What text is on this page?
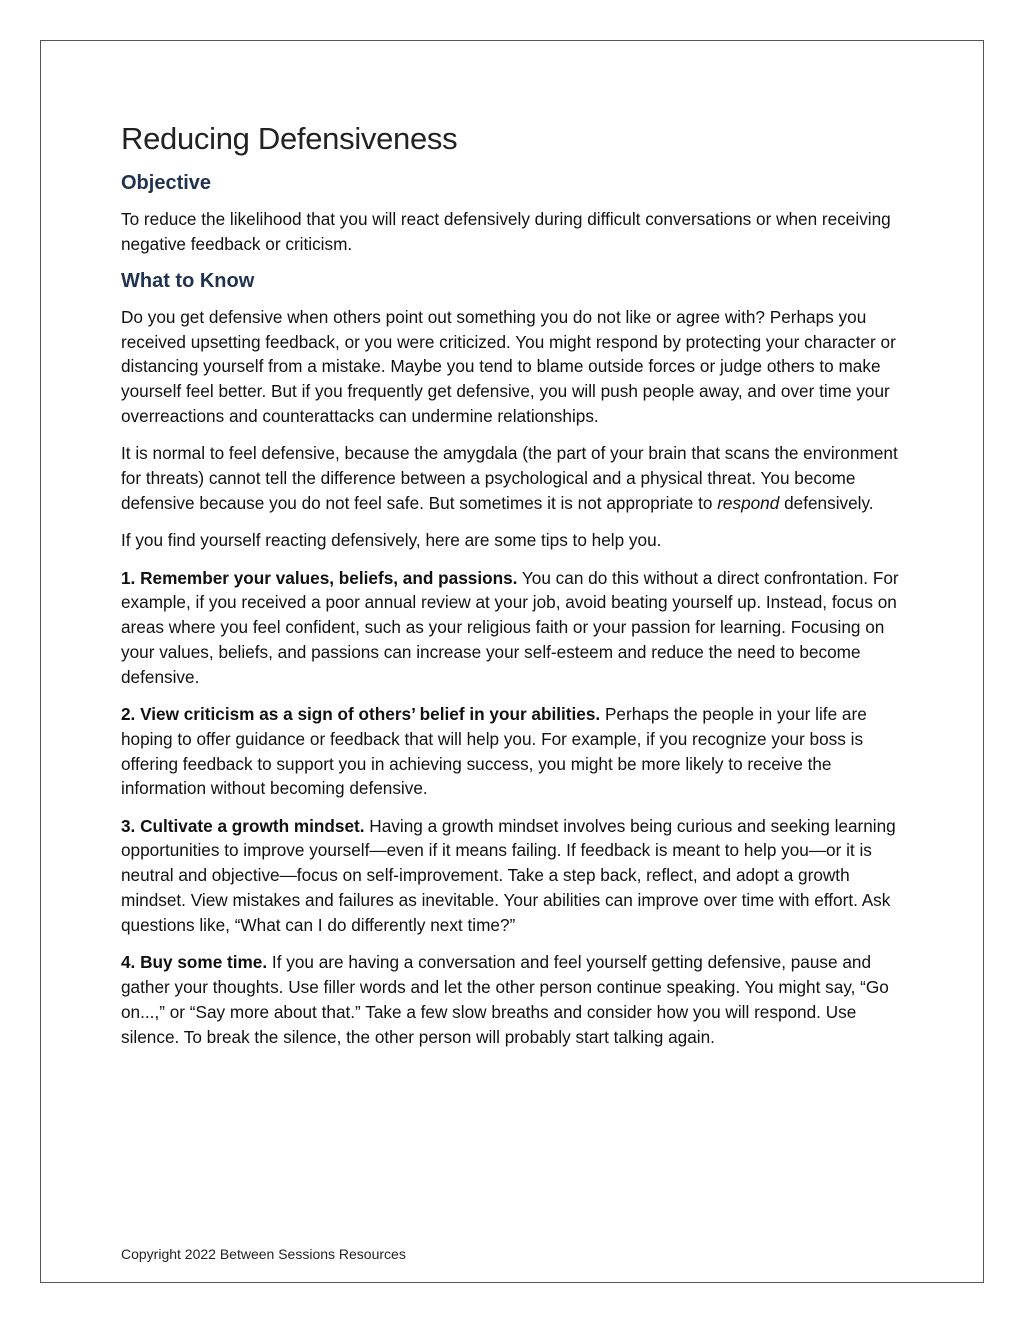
Reducing Defensiveness
Objective

To reduce the likelihood that you will react defensively during difficult conversations or when receiving negative feedback or criticism.

What to Know

Do you get defensive when others point out something you do not like or agree with? Perhaps you received upsetting feedback, or you were criticized. You might respond by protecting your character or distancing yourself from a mistake. Maybe you tend to blame outside forces or judge others to make yourself feel better. But if you frequently get defensive, you will push people away, and over time your overreactions and counterattacks can undermine relationships.

It is normal to feel defensive, because the amygdala (the part of your brain that scans the environment for threats) cannot tell the difference between a psychological and a physical threat. You become defensive because you do not feel safe. But sometimes it is not appropriate to respond defensively.

If you find yourself reacting defensively, here are some tips to help you.

1. Remember your values, beliefs, and passions. You can do this without a direct confrontation. For example, if you received a poor annual review at your job, avoid beating yourself up. Instead, focus on areas where you feel confident, such as your religious faith or your passion for learning. Focusing on your values, beliefs, and passions can increase your self-esteem and reduce the need to become defensive.

2. View criticism as a sign of others’ belief in your abilities. Perhaps the people in your life are hoping to offer guidance or feedback that will help you. For example, if you recognize your boss is offering feedback to support you in achieving success, you might be more likely to receive the information without becoming defensive.

3. Cultivate a growth mindset. Having a growth mindset involves being curious and seeking learning opportunities to improve yourself—even if it means failing. If feedback is meant to help you—or it is neutral and objective—focus on self-improvement. Take a step back, reflect, and adopt a growth mindset. View mistakes and failures as inevitable. Your abilities can improve over time with effort. Ask questions like, “What can I do differently next time?”

4. Buy some time. If you are having a conversation and feel yourself getting defensive, pause and gather your thoughts. Use filler words and let the other person continue speaking. You might say, “Go on...,” or “Say more about that.” Take a few slow breaths and consider how you will respond. Use silence. To break the silence, the other person will probably start talking again.

Copyright 2022 Between Sessions Resources
